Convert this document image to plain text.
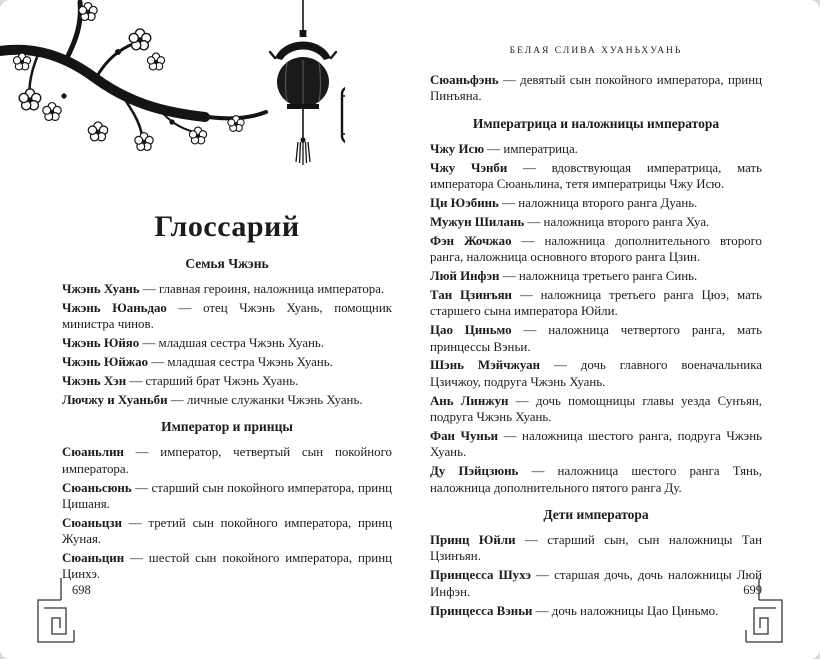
Глоссарий
Семья Чжэнь

Чжэнь Хуань — главная героиня, наложница императора.

Чжэнь Юаньдао — отец Чжэнь Хуань, помощник министра чинов.

Чжэнь Юйяо — младшая сестра Чжэнь Хуань.

Чжэнь Юйжао — младшая сестра Чжэнь Хуань.

Чжэнь Хэн — старший брат Чжэнь Хуань.

Лючжу и Хуаньби — личные служанки Чжэнь Хуань.

Император и принцы

Сюаньлин — император, четвертый сын покойного императора.

Сюаньсюнь — старший сын покойного императора, принц Цишаня.

Сюаньцзи — третий сын покойного императора, принц Жуная.

Сюаньцин — шестой сын покойного императора, принц Цинхэ.

БЕЛАЯ СЛИВА ХУАНЬХУАНЬ

Сюаньфэнь — девятый сын покойного императора, принц Пинъяна.

Императрица и наложницы императора

Чжу Исю — императрица.

Чжу Чэнби — вдовствующая императрица, мать императора Сюаньлина, тетя императрицы Чжу Исю.

Ци Юэбинь — наложница второго ранга Дуань.

Мужун Шилань — наложница второго ранга Хуа.

Фэн Жочжао — наложница дополнительного второго ранга, наложница основного второго ранга Цзин.

Люй Инфэн — наложница третьего ранга Синь.

Тан Цзинъян — наложница третьего ранга Цюэ, мать старшего сына императора Юйли.

Цао Циньмо — наложница четвертого ранга, мать принцессы Вэньи.

Шэнь Мэйчжуан — дочь главного военачальника Цзичжоу, подруга Чжэнь Хуань.

Ань Линжун — дочь помощницы главы уезда Сунъян, подруга Чжэнь Хуань.

Фан Чуньи — наложница шестого ранга, подруга Чжэнь Хуань.

Ду Пэйцзюнь — наложница шестого ранга Тянь, наложница дополнительного пятого ранга Ду.

Дети императора

Принц Юйли — старший сын, сын наложницы Тан Цзинъян.

Принцесса Шухэ — старшая дочь, дочь наложницы Люй Инфэн.

Принцесса Вэньи — дочь наложницы Цао Циньмо.

698	699
